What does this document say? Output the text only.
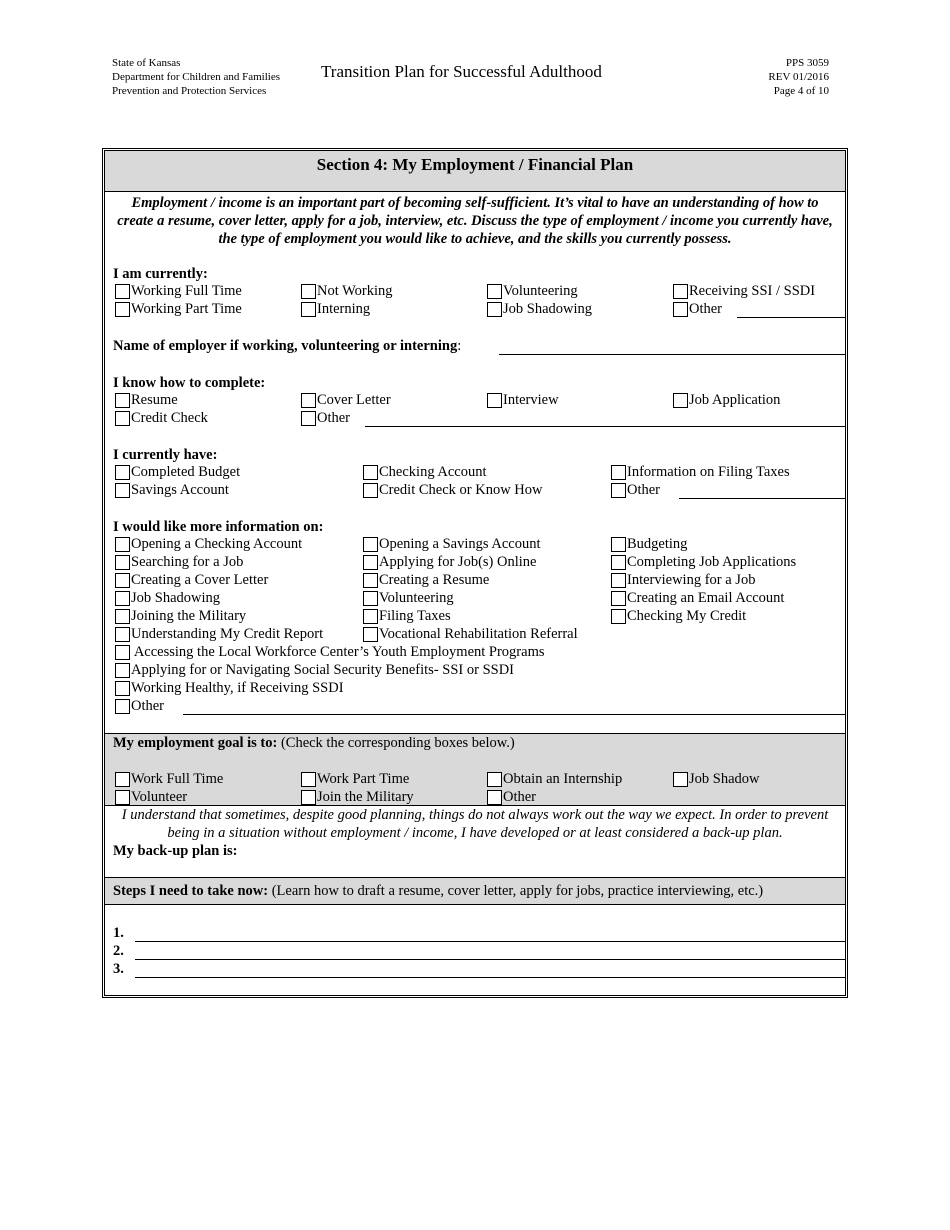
State of Kansas
Department for Children and Families
Prevention and Protection Services
Transition Plan for Successful Adulthood	PPS 3059
REV 01/2016
Page 4 of 10
Section 4: My Employment / Financial Plan
Employment / income is an important part of becoming self-sufficient. It’s vital to have an understanding of how to create a resume, cover letter, apply for a job, interview, etc. Discuss the type of employment / income you currently have, the type of employment you would like to achieve, and the skills you currently possess.
I am currently:
Working Full Time	Not Working	Volunteering	Receiving SSI / SSDI
Working Part Time	Interning	Job Shadowing	Other
Name of employer if working, volunteering or interning:
I know how to complete:
Resume	Cover Letter	Interview	Job Application
Credit Check	Other
I currently have:
Completed Budget	Checking Account	Information on Filing Taxes
Savings Account	Credit Check or Know How	Other
I would like more information on:
Opening a Checking Account	Opening a Savings Account	Budgeting
Searching for a Job	Applying for Job(s) Online	Completing Job Applications
Creating a Cover Letter	Creating a Resume	Interviewing for a Job
Job Shadowing	Volunteering	Creating an Email Account
Joining the Military	Filing Taxes	Checking My Credit
Understanding My Credit Report	Vocational Rehabilitation Referral
Accessing the Local Workforce Center’s Youth Employment Programs
Applying for or Navigating Social Security Benefits- SSI or SSDI
Working Healthy, if Receiving SSDI
Other
My employment goal is to: (Check the corresponding boxes below.)
Work Full Time	Work Part Time	Obtain an Internship	Job Shadow
Volunteer	Join the Military	Other
I understand that sometimes, despite good planning, things do not always work out the way we expect. In order to prevent being in a situation without employment / income, I have developed or at least considered a back-up plan.
My back-up plan is:
Steps I need to take now: (Learn how to draft a resume, cover letter, apply for jobs, practice interviewing, etc.)
1.
2.
3.
